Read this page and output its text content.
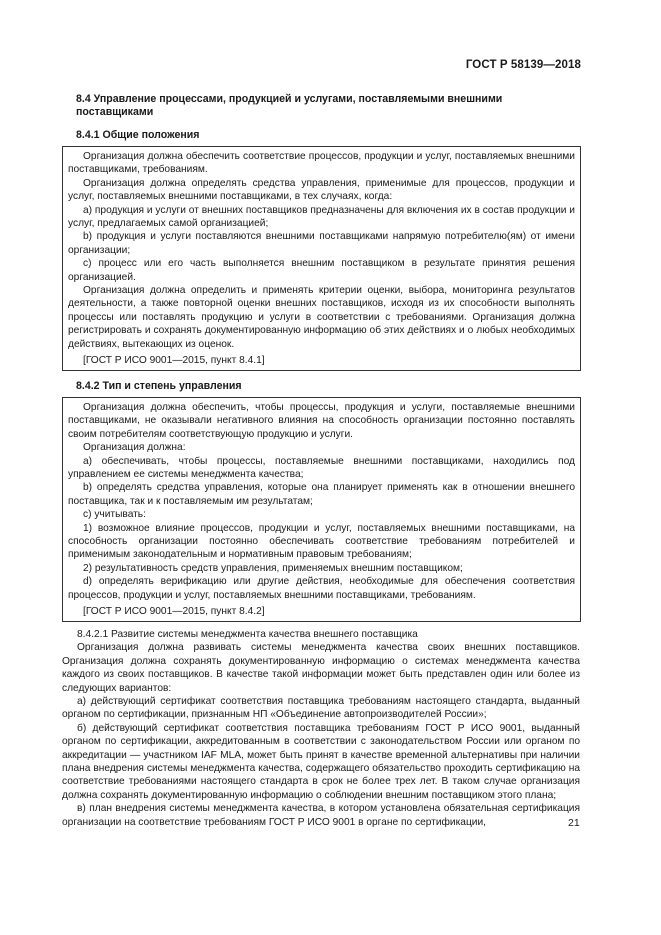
ГОСТ Р 58139—2018
8.4 Управление процессами, продукцией и услугами, поставляемыми внешними поставщиками
8.4.1 Общие положения

Организация должна обеспечить соответствие процессов, продукции и услуг, поставляемых внешними поставщиками, требованиям.

Организация должна определять средства управления, применимые для процессов, продукции и услуг, поставляемых внешними поставщиками, в тех случаях, когда:

a) продукция и услуги от внешних поставщиков предназначены для включения их в состав продукции и услуг, предлагаемых самой организацией;

b) продукция и услуги поставляются внешними поставщиками напрямую потребителю(ям) от имени организации;

c) процесс или его часть выполняется внешним поставщиком в результате принятия решения организацией.

Организация должна определить и применять критерии оценки, выбора, мониторинга результатов деятельности, а также повторной оценки внешних поставщиков, исходя из их способности выполнять процессы или поставлять продукцию и услуги в соответствии с требованиями. Организация должна регистрировать и сохранять документированную информацию об этих действиях и о любых необходимых действиях, вытекающих из оценок.

[ГОСТ Р ИСО 9001—2015, пункт 8.4.1]

8.4.2 Тип и степень управления

Организация должна обеспечить, чтобы процессы, продукция и услуги, поставляемые внешними поставщиками, не оказывали негативного влияния на способность организации постоянно поставлять своим потребителям соответствующую продукцию и услуги.

Организация должна:

a) обеспечивать, чтобы процессы, поставляемые внешними поставщиками, находились под управлением ее системы менеджмента качества;

b) определять средства управления, которые она планирует применять как в отношении внешнего поставщика, так и к поставляемым им результатам;

c) учитывать:

1) возможное влияние процессов, продукции и услуг, поставляемых внешними поставщиками, на способность организации постоянно обеспечивать соответствие требованиям потребителей и применимым законодательным и нормативным правовым требованиям;

2) результативность средств управления, применяемых внешним поставщиком;

d) определять верификацию или другие действия, необходимые для обеспечения соответствия процессов, продукции и услуг, поставляемых внешними поставщиками, требованиям.

[ГОСТ Р ИСО 9001—2015, пункт 8.4.2]

8.4.2.1 Развитие системы менеджмента качества внешнего поставщика

Организация должна развивать системы менеджмента качества своих внешних поставщиков. Организация должна сохранять документированную информацию о системах менеджмента качества каждого из своих поставщиков. В качестве такой информации может быть представлен один или более из следующих вариантов:

а) действующий сертификат соответствия поставщика требованиям настоящего стандарта, выданный органом по сертификации, признанным НП «Объединение автопроизводителей России»;

б) действующий сертификат соответствия поставщика требованиям ГОСТ Р ИСО 9001, выданный органом по сертификации, аккредитованным в соответствии с законодательством России или органом по аккредитации — участником IAF MLA, может быть принят в качестве временной альтернативы при наличии плана внедрения системы менеджмента качества, содержащего обязательство проходить сертификацию на соответствие требованиями настоящего стандарта в срок не более трех лет. В таком случае организация должна сохранять документированную информацию о соблюдении внешним поставщиком этого плана;

в) план внедрения системы менеджмента качества, в котором установлена обязательная сертификация организации на соответствие требованиям ГОСТ Р ИСО 9001 в органе по сертификации,	21
